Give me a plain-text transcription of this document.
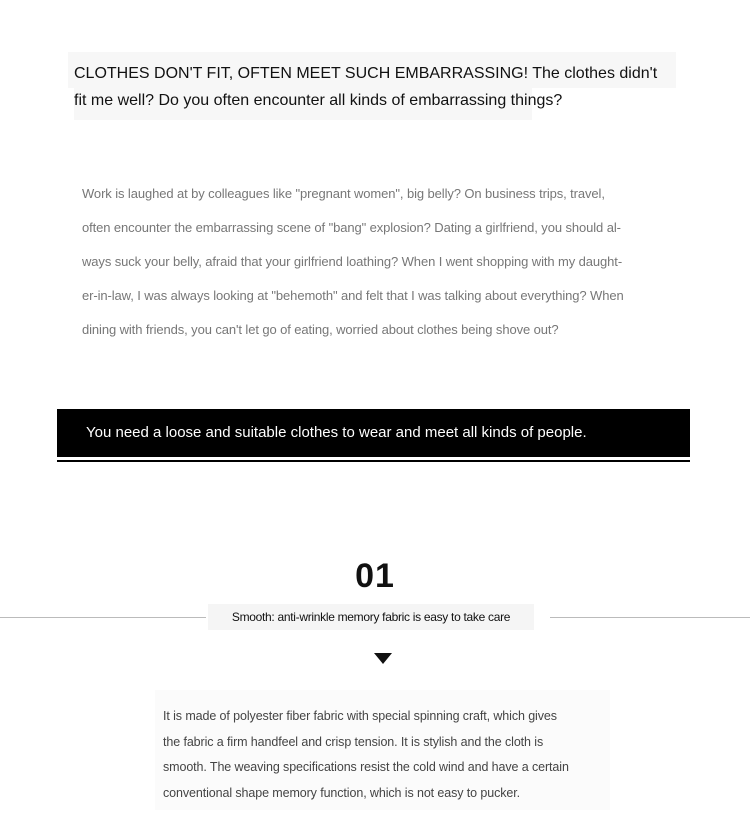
CLOTHES DON'T FIT, OFTEN MEET SUCH EMBARRASSING! The clothes didn't fit me well? Do you often encounter all kinds of embarrassing things?
Work is laughed at by colleagues like "pregnant women", big belly? On business trips, travel,
often encounter the embarrassing scene of "bang" explosion? Dating a girlfriend, you should al-
ways suck your belly, afraid that your girlfriend loathing? When I went shopping with my daught-
er-in-law, I was always looking at "behemoth" and felt that I was talking about everything? When
dining with friends, you can't let go of eating, worried about clothes being shove out?

You need a loose and suitable clothes to wear and meet all kinds of people.

01
Smooth: anti-wrinkle memory fabric is easy to take care
It is made of polyester fiber fabric with special spinning craft, which gives
the fabric a firm handfeel and crisp tension. It is stylish and the cloth is
smooth. The weaving specifications resist the cold wind and have a certain
conventional shape memory function, which is not easy to pucker.
